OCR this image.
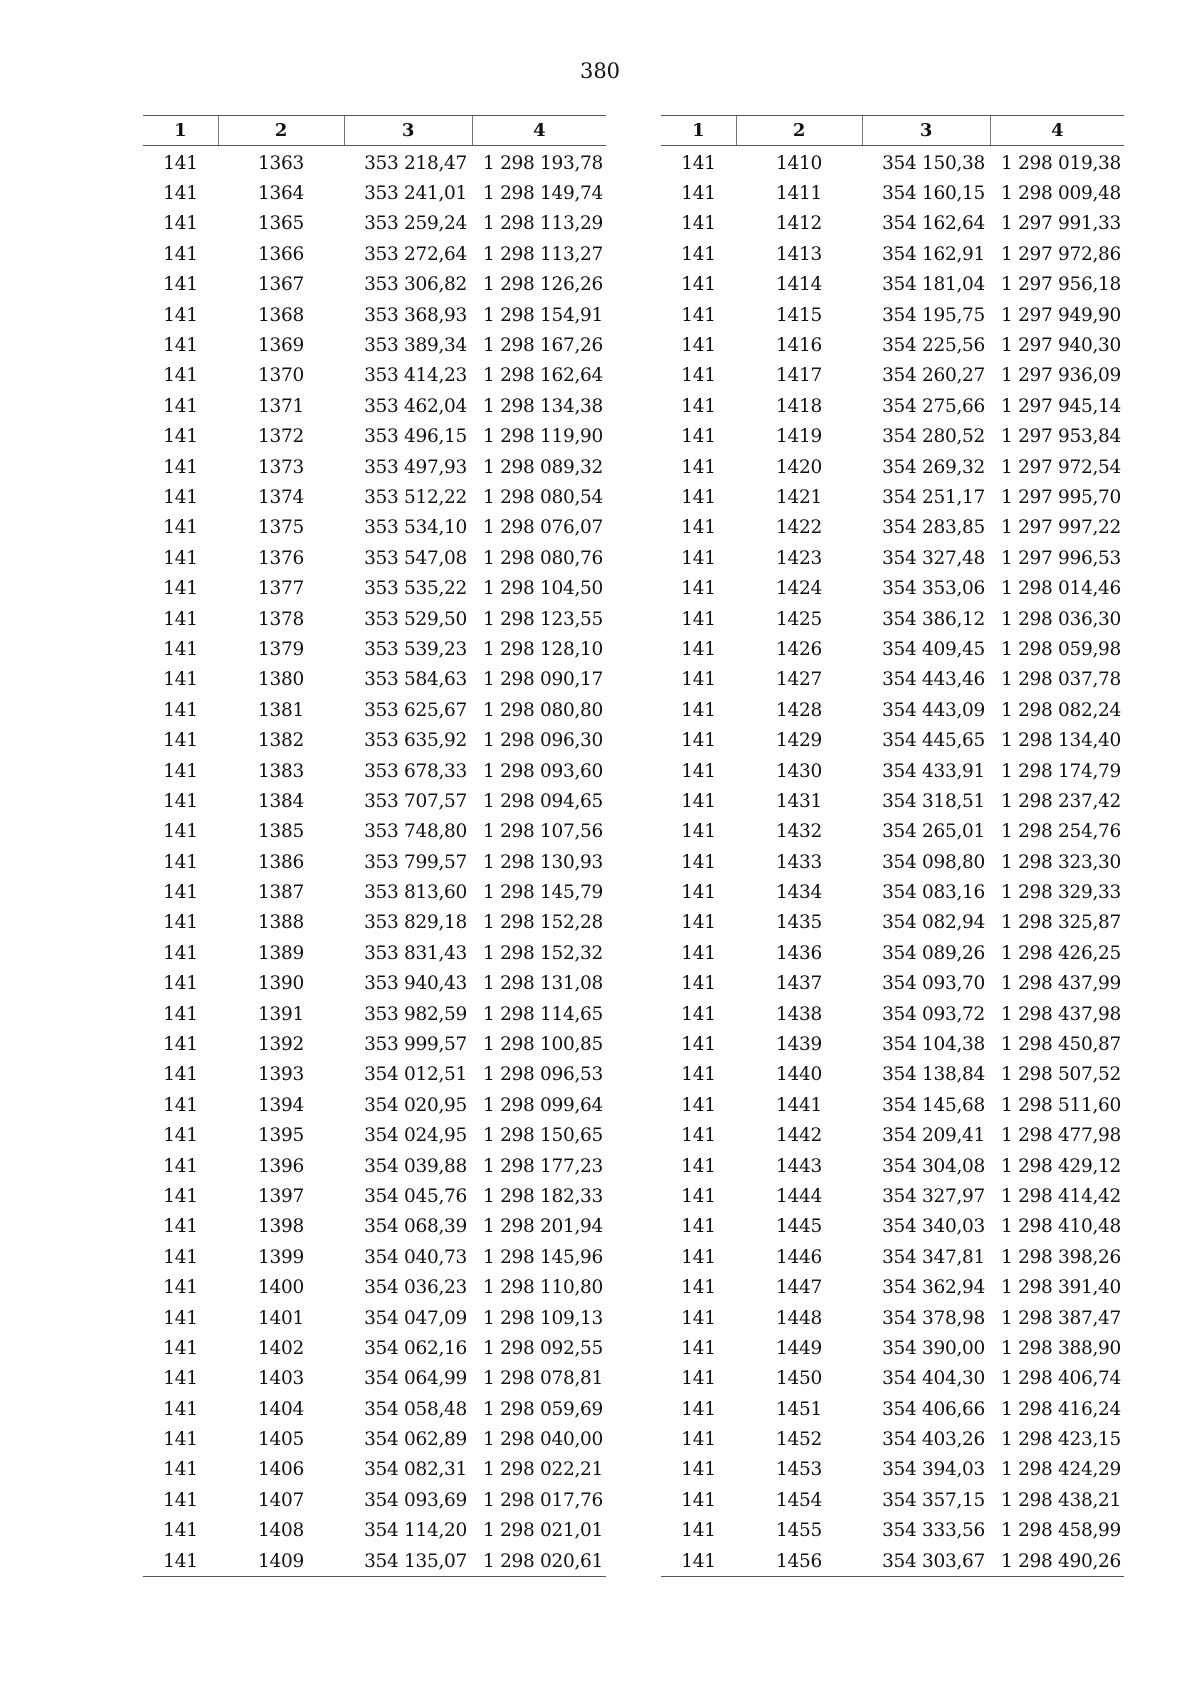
380
1	2	3	4
141	1363	353 218,47	1 298 193,78
141	1364	353 241,01	1 298 149,74
141	1365	353 259,24	1 298 113,29
141	1366	353 272,64	1 298 113,27
141	1367	353 306,82	1 298 126,26
141	1368	353 368,93	1 298 154,91
141	1369	353 389,34	1 298 167,26
141	1370	353 414,23	1 298 162,64
141	1371	353 462,04	1 298 134,38
141	1372	353 496,15	1 298 119,90
141	1373	353 497,93	1 298 089,32
141	1374	353 512,22	1 298 080,54
141	1375	353 534,10	1 298 076,07
141	1376	353 547,08	1 298 080,76
141	1377	353 535,22	1 298 104,50
141	1378	353 529,50	1 298 123,55
141	1379	353 539,23	1 298 128,10
141	1380	353 584,63	1 298 090,17
141	1381	353 625,67	1 298 080,80
141	1382	353 635,92	1 298 096,30
141	1383	353 678,33	1 298 093,60
141	1384	353 707,57	1 298 094,65
141	1385	353 748,80	1 298 107,56
141	1386	353 799,57	1 298 130,93
141	1387	353 813,60	1 298 145,79
141	1388	353 829,18	1 298 152,28
141	1389	353 831,43	1 298 152,32
141	1390	353 940,43	1 298 131,08
141	1391	353 982,59	1 298 114,65
141	1392	353 999,57	1 298 100,85
141	1393	354 012,51	1 298 096,53
141	1394	354 020,95	1 298 099,64
141	1395	354 024,95	1 298 150,65
141	1396	354 039,88	1 298 177,23
141	1397	354 045,76	1 298 182,33
141	1398	354 068,39	1 298 201,94
141	1399	354 040,73	1 298 145,96
141	1400	354 036,23	1 298 110,80
141	1401	354 047,09	1 298 109,13
141	1402	354 062,16	1 298 092,55
141	1403	354 064,99	1 298 078,81
141	1404	354 058,48	1 298 059,69
141	1405	354 062,89	1 298 040,00
141	1406	354 082,31	1 298 022,21
141	1407	354 093,69	1 298 017,76
141	1408	354 114,20	1 298 021,01
141	1409	354 135,07	1 298 020,61
1	2	3	4
141	1410	354 150,38	1 298 019,38
141	1411	354 160,15	1 298 009,48
141	1412	354 162,64	1 297 991,33
141	1413	354 162,91	1 297 972,86
141	1414	354 181,04	1 297 956,18
141	1415	354 195,75	1 297 949,90
141	1416	354 225,56	1 297 940,30
141	1417	354 260,27	1 297 936,09
141	1418	354 275,66	1 297 945,14
141	1419	354 280,52	1 297 953,84
141	1420	354 269,32	1 297 972,54
141	1421	354 251,17	1 297 995,70
141	1422	354 283,85	1 297 997,22
141	1423	354 327,48	1 297 996,53
141	1424	354 353,06	1 298 014,46
141	1425	354 386,12	1 298 036,30
141	1426	354 409,45	1 298 059,98
141	1427	354 443,46	1 298 037,78
141	1428	354 443,09	1 298 082,24
141	1429	354 445,65	1 298 134,40
141	1430	354 433,91	1 298 174,79
141	1431	354 318,51	1 298 237,42
141	1432	354 265,01	1 298 254,76
141	1433	354 098,80	1 298 323,30
141	1434	354 083,16	1 298 329,33
141	1435	354 082,94	1 298 325,87
141	1436	354 089,26	1 298 426,25
141	1437	354 093,70	1 298 437,99
141	1438	354 093,72	1 298 437,98
141	1439	354 104,38	1 298 450,87
141	1440	354 138,84	1 298 507,52
141	1441	354 145,68	1 298 511,60
141	1442	354 209,41	1 298 477,98
141	1443	354 304,08	1 298 429,12
141	1444	354 327,97	1 298 414,42
141	1445	354 340,03	1 298 410,48
141	1446	354 347,81	1 298 398,26
141	1447	354 362,94	1 298 391,40
141	1448	354 378,98	1 298 387,47
141	1449	354 390,00	1 298 388,90
141	1450	354 404,30	1 298 406,74
141	1451	354 406,66	1 298 416,24
141	1452	354 403,26	1 298 423,15
141	1453	354 394,03	1 298 424,29
141	1454	354 357,15	1 298 438,21
141	1455	354 333,56	1 298 458,99
141	1456	354 303,67	1 298 490,26
